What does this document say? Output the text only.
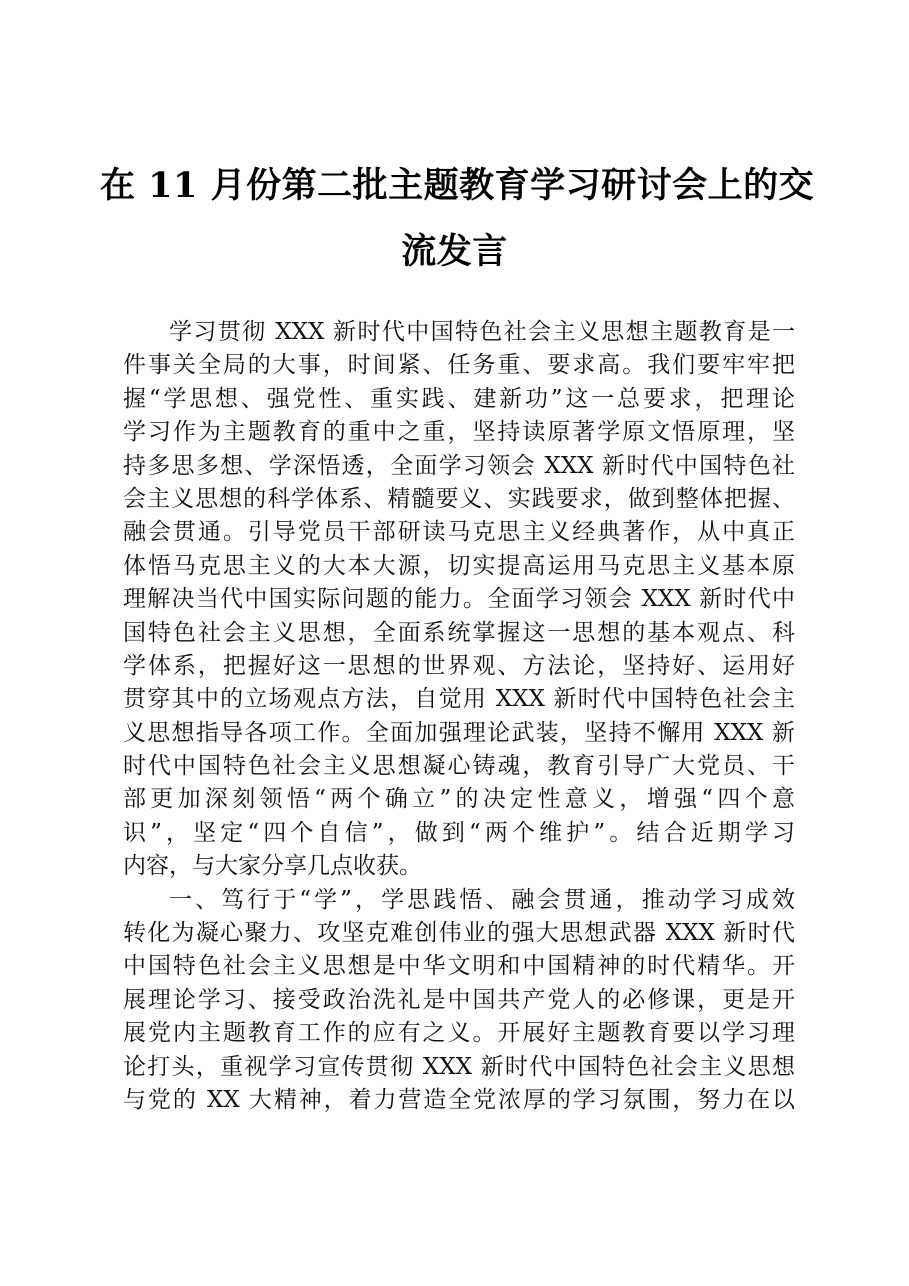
在 11 月份第二批主题教育学习研讨会上的交
流发言
学习贯彻 XXX 新时代中国特色社会主义思想主题教育是一
件事关全局的大事，时间紧、任务重、要求高。我们要牢牢把
握“学思想、强党性、重实践、建新功”这一总要求，把理论
学习作为主题教育的重中之重，坚持读原著学原文悟原理，坚
持多思多想、学深悟透，全面学习领会 XXX 新时代中国特色社
会主义思想的科学体系、精髓要义、实践要求，做到整体把握、
融会贯通。引导党员干部研读马克思主义经典著作，从中真正
体悟马克思主义的大本大源，切实提高运用马克思主义基本原
理解决当代中国实际问题的能力。全面学习领会 XXX 新时代中
国特色社会主义思想，全面系统掌握这一思想的基本观点、科
学体系，把握好这一思想的世界观、方法论，坚持好、运用好
贯穿其中的立场观点方法，自觉用 XXX 新时代中国特色社会主
义思想指导各项工作。全面加强理论武装，坚持不懈用 XXX 新
时代中国特色社会主义思想凝心铸魂，教育引导广大党员、干
部更加深刻领悟“两个确立”的决定性意义，增强“四个意
识”，坚定“四个自信”，做到“两个维护”。结合近期学习
内容，与大家分享几点收获。
一、笃行于“学”，学思践悟、融会贯通，推动学习成效
转化为凝心聚力、攻坚克难创伟业的强大思想武器 XXX 新时代
中国特色社会主义思想是中华文明和中国精神的时代精华。开
展理论学习、接受政治洗礼是中国共产党人的必修课，更是开
展党内主题教育工作的应有之义。开展好主题教育要以学习理
论打头，重视学习宣传贯彻 XXX 新时代中国特色社会主义思想
与党的 XX 大精神，着力营造全党浓厚的学习氛围，努力在以
